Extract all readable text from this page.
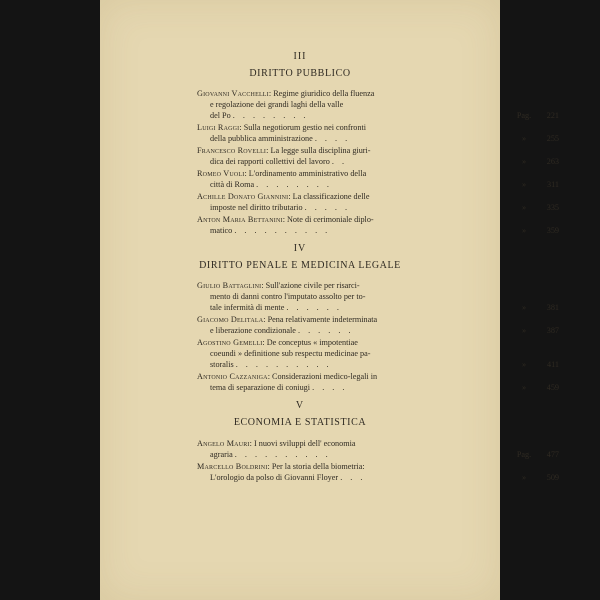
III
DIRITTO PUBBLICO
Giovanni Vacchelli: Regime giuridico della fluenza
e regolazione dei grandi laghi della valle
del Po . . . . . . . .	Pag. 221
Luigi Raggi: Sulla negotiorum gestio nei confronti
della pubblica amministrazione . . . .	»	255
Francesco Rovelli: La legge sulla disciplina giuri-
dica dei rapporti collettivi del lavoro . .	»	263
Romeo Vuoli: L'ordinamento amministrativo della
città di Roma . . . . . . . .	»	311
Achille Donato Giannini: La classificazione delle
imposte nel diritto tributario . . . . .	»	335
Anton Maria Bettanini: Note di cerimoniale diplo-
matico . . . . . . . . . .	»	359
IV
DIRITTO PENALE E MEDICINA LEGALE
Giulio Battaglini: Sull'azione civile per risarci-
mento di danni contro l'imputato assolto per to-
tale infermità di mente . . . . . .	»	381
Giacomo Delitala: Pena relativamente indeterminata
e liberazione condizionale . . . . . .	»	387
Agostino Gemelli: De conceptus « impotentiae
coeundi » definitione sub respectu medicinae pa-
storalis . . . . . . . . . .	»	411
Antonio Cazzaniga: Considerazioni medico-legali in
tema di separazione di coniugi . . . .	»	459
V
ECONOMIA E STATISTICA
Angelo Mauri: I nuovi sviluppi dell' economia
agraria . . . . . . . . . .	Pag. 477
Marcello Boldrini: Per la storia della biometria:
L'orologio da polso di Giovanni Floyer . . .	»	509
